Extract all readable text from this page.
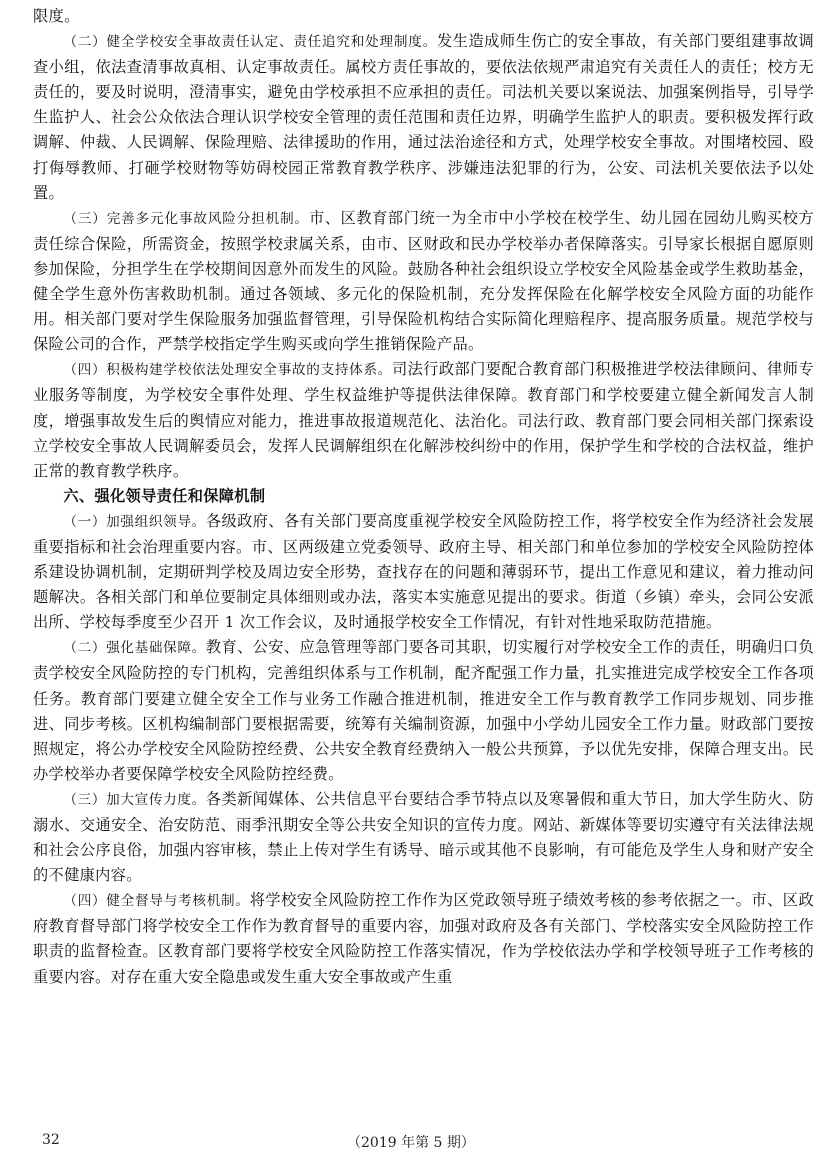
限度。

（二）健全学校安全事故责任认定、责任追究和处理制度。发生造成师生伤亡的安全事故，有关部门要组建事故调查小组，依法查清事故真相、认定事故责任。属校方责任事故的，要依法依规严肃追究有关责任人的责任；校方无责任的，要及时说明，澄清事实，避免由学校承担不应承担的责任。司法机关要以案说法、加强案例指导，引导学生监护人、社会公众依法合理认识学校安全管理的责任范围和责任边界，明确学生监护人的职责。要积极发挥行政调解、仲裁、人民调解、保险理赔、法律援助的作用，通过法治途径和方式，处理学校安全事故。对围堵校园、殴打侮辱教师、打砸学校财物等妨碍校园正常教育教学秩序、涉嫌违法犯罪的行为，公安、司法机关要依法予以处置。

（三）完善多元化事故风险分担机制。市、区教育部门统一为全市中小学校在校学生、幼儿园在园幼儿购买校方责任综合保险，所需资金，按照学校隶属关系，由市、区财政和民办学校举办者保障落实。引导家长根据自愿原则参加保险，分担学生在学校期间因意外而发生的风险。鼓励各种社会组织设立学校安全风险基金或学生救助基金，健全学生意外伤害救助机制。通过各领域、多元化的保险机制，充分发挥保险在化解学校安全风险方面的功能作用。相关部门要对学生保险服务加强监督管理，引导保险机构结合实际简化理赔程序、提高服务质量。规范学校与保险公司的合作，严禁学校指定学生购买或向学生推销保险产品。

（四）积极构建学校依法处理安全事故的支持体系。司法行政部门要配合教育部门积极推进学校法律顾问、律师专业服务等制度，为学校安全事件处理、学生权益维护等提供法律保障。教育部门和学校要建立健全新闻发言人制度，增强事故发生后的舆情应对能力，推进事故报道规范化、法治化。司法行政、教育部门要会同相关部门探索设立学校安全事故人民调解委员会，发挥人民调解组织在化解涉校纠纷中的作用，保护学生和学校的合法权益，维护正常的教育教学秩序。

六、强化领导责任和保障机制

（一）加强组织领导。各级政府、各有关部门要高度重视学校安全风险防控工作，将学校安全作为经济社会发展重要指标和社会治理重要内容。市、区两级建立党委领导、政府主导、相关部门和单位参加的学校安全风险防控体系建设协调机制，定期研判学校及周边安全形势，查找存在的问题和薄弱环节，提出工作意见和建议，着力推动问题解决。各相关部门和单位要制定具体细则或办法，落实本实施意见提出的要求。街道（乡镇）牵头，会同公安派出所、学校每季度至少召开 1 次工作会议，及时通报学校安全工作情况，有针对性地采取防范措施。

（二）强化基础保障。教育、公安、应急管理等部门要各司其职，切实履行对学校安全工作的责任，明确归口负责学校安全风险防控的专门机构，完善组织体系与工作机制，配齐配强工作力量，扎实推进完成学校安全工作各项任务。教育部门要建立健全安全工作与业务工作融合推进机制，推进安全工作与教育教学工作同步规划、同步推进、同步考核。区机构编制部门要根据需要，统筹有关编制资源，加强中小学幼儿园安全工作力量。财政部门要按照规定，将公办学校安全风险防控经费、公共安全教育经费纳入一般公共预算，予以优先安排，保障合理支出。民办学校举办者要保障学校安全风险防控经费。

（三）加大宣传力度。各类新闻媒体、公共信息平台要结合季节特点以及寒暑假和重大节日，加大学生防火、防溺水、交通安全、治安防范、雨季汛期安全等公共安全知识的宣传力度。网站、新媒体等要切实遵守有关法律法规和社会公序良俗，加强内容审核，禁止上传对学生有诱导、暗示或其他不良影响，有可能危及学生人身和财产安全的不健康内容。

（四）健全督导与考核机制。将学校安全风险防控工作作为区党政领导班子绩效考核的参考依据之一。市、区政府教育督导部门将学校安全工作作为教育督导的重要内容，加强对政府及各有关部门、学校落实安全风险防控工作职责的监督检查。区教育部门要将学校安全风险防控工作落实情况，作为学校依法办学和学校领导班子工作考核的重要内容。对存在重大安全隐患或发生重大安全事故或产生重

32	（2019 年第 5 期）
